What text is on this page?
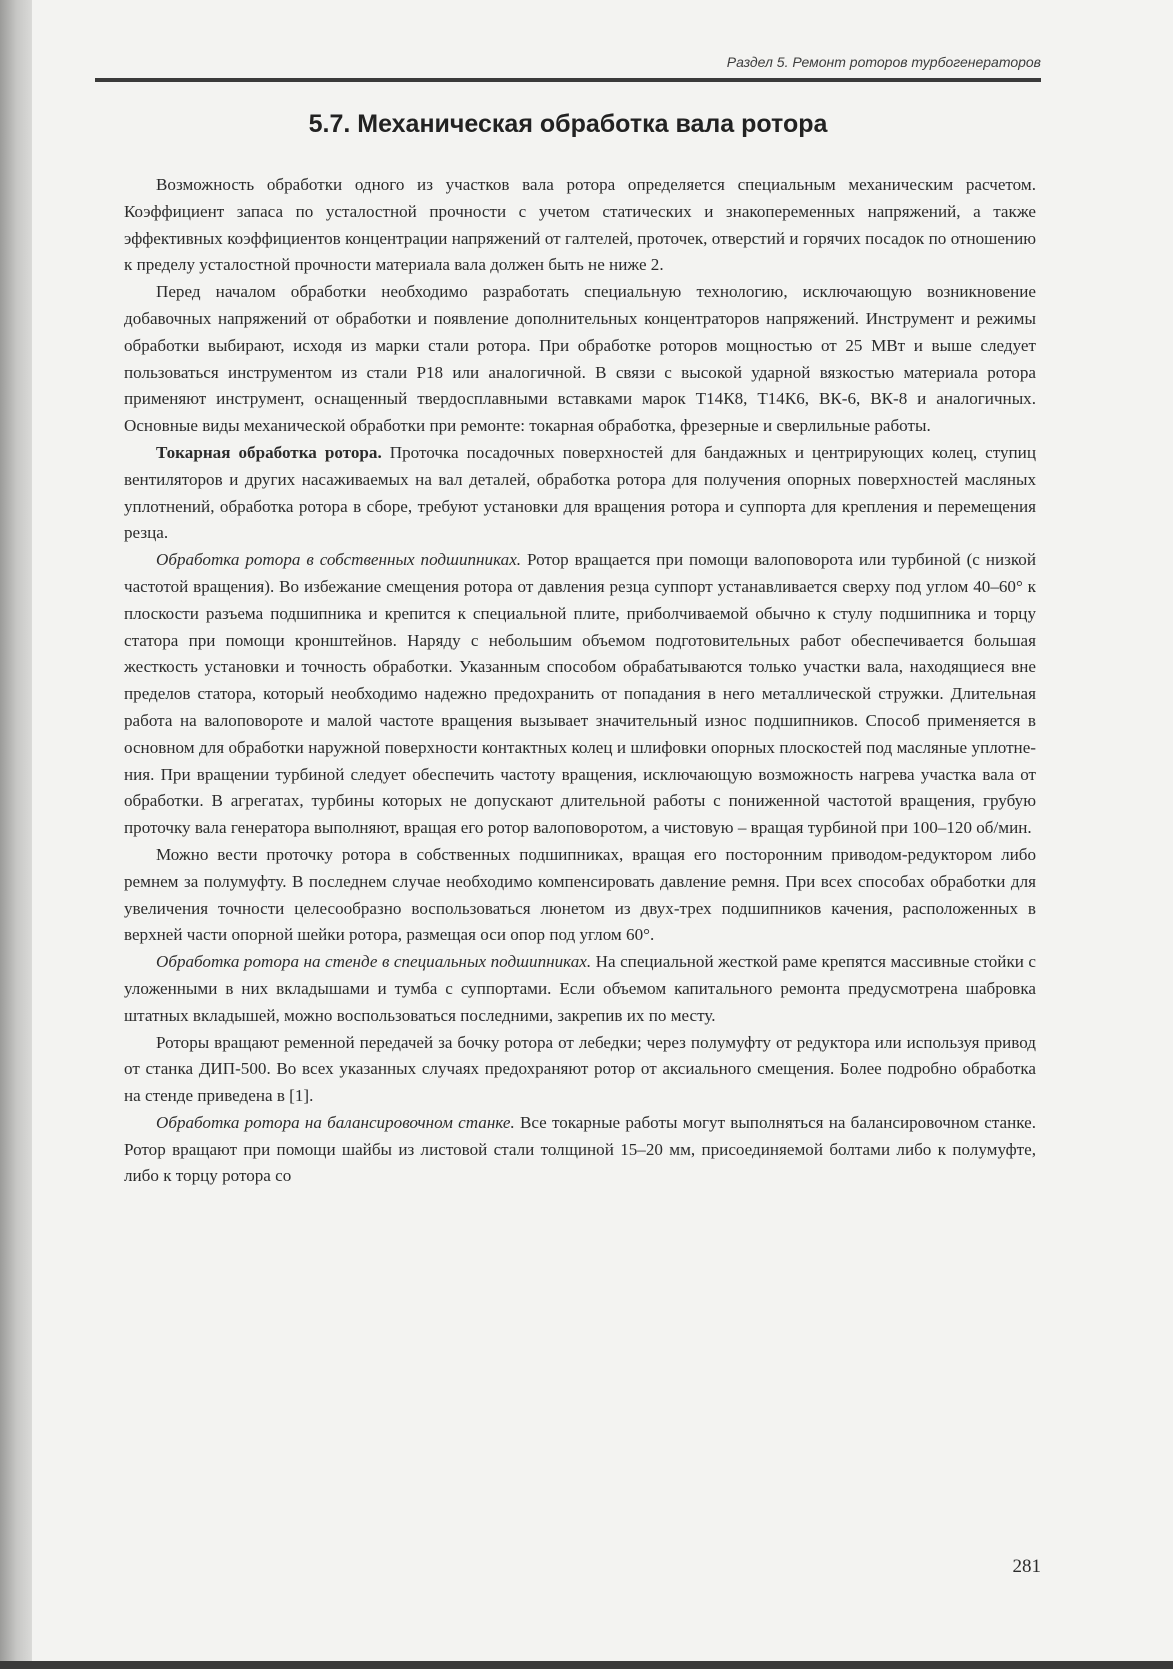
Раздел 5. Ремонт роторов турбогенераторов
5.7. Механическая обработка вала ротора

Возможность обработки одного из участков вала ротора определяется специальным механическим расчетом. Коэффициент запаса по усталостной прочности с учетом статических и знакопеременных напряжений, а также эффективных коэффициентов концентрации напряжений от галтелей, проточек, отверстий и горячих посадок по отношению к пределу усталостной прочности материала вала должен быть не ниже 2.

Перед началом обработки необходимо разработать специальную технологию, исключающую возникновение добавочных напряжений от обработки и появление дополнительных концентраторов напряжений. Инструмент и режимы обработки выбирают, исходя из марки стали ротора. При обработке роторов мощностью от 25 МВт и выше следует пользоваться инструментом из стали Р18 или аналогичной. В связи с высокой ударной вязкостью материала ротора применяют инструмент, оснащенный твердосплавными вставками марок Т14К8, Т14К6, ВК-6, ВК-8 и аналогичных. Основные виды механической обработки при ремонте: токарная обработка, фрезерные и сверлильные работы.

Токарная обработка ротора. Проточка посадочных поверхностей для бандажных и центрирующих колец, ступиц вентиляторов и других насаживаемых на вал деталей, обработка ротора для получения опорных поверхностей масляных уплотнений, обработка ротора в сборе, требуют установки для вращения ротора и суппорта для крепления и перемещения резца.

Обработка ротора в собственных подшипниках. Ротор вращается при помощи валоповорота или турбиной (с низкой частотой вращения). Во избежание смещения ротора от давления резца суппорт устанавливается сверху под углом 40–60° к плоскости разъема подшипника и крепится к специальной плите, приболчиваемой обычно к стулу подшипника и торцу статора при помощи кронштейнов. Наряду с небольшим объемом подготовительных работ обеспечивается большая жесткость установки и точность обработки. Указанным способом обрабатываются только участки вала, находящиеся вне пределов статора, который необходимо надежно предохранить от попадания в него металлической стружки. Длительная работа на валоповороте и малой частоте вращения вызывает значительный износ подшипников. Способ применяется в основном для обработки наружной поверхности контактных колец и шлифовки опорных плоскостей под масляные уплотнения. При вращении турбиной следует обеспечить частоту вращения, исключающую возможность нагрева участка вала от обработки. В агрегатах, турбины которых не допускают длительной работы с пониженной частотой вращения, грубую проточку вала генератора выполняют, вращая его ротор валоповоротом, а чистовую – вращая турбиной при 100–120 об/мин.

Можно вести проточку ротора в собственных подшипниках, вращая его посторонним приводом-редуктором либо ремнем за полумуфту. В последнем случае необходимо компенсировать давление ремня. При всех способах обработки для увеличения точности целесообразно воспользоваться люнетом из двух-трех подшипников качения, расположенных в верхней части опорной шейки ротора, размещая оси опор под углом 60°.

Обработка ротора на стенде в специальных подшипниках. На специальной жесткой раме крепятся массивные стойки с уложенными в них вкладышами и тумба с суппортами. Если объемом капитального ремонта предусмотрена шабровка штатных вкладышей, можно воспользоваться последними, закрепив их по месту.

Роторы вращают ременной передачей за бочку ротора от лебедки; через полумуфту от редуктора или используя привод от станка ДИП-500. Во всех указанных случаях предохраняют ротор от аксиального смещения. Более подробно обработка на стенде приведена в [1].

Обработка ротора на балансировочном станке. Все токарные работы могут выполняться на балансировочном станке. Ротор вращают при помощи шайбы из листовой стали толщиной 15–20 мм, присоединяемой болтами либо к полумуфте, либо к торцу ротора со

281
